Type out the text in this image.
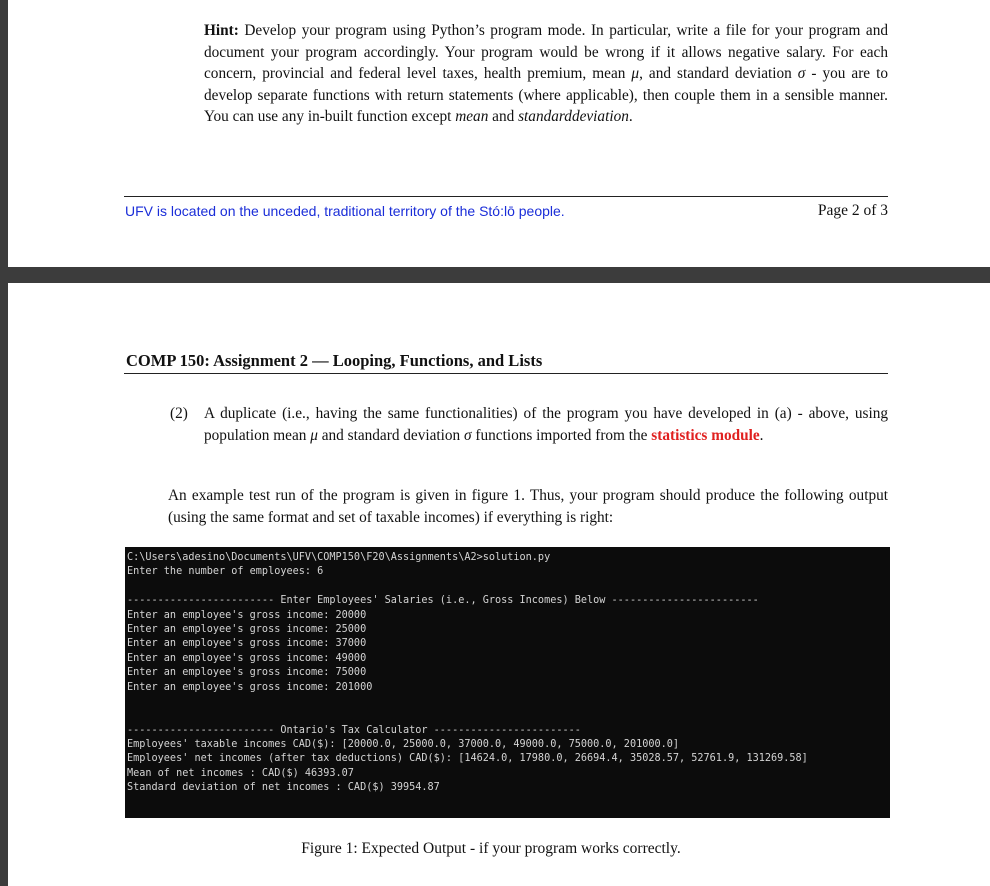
Hint: Develop your program using Python’s program mode. In particular, write a file for your program and document your program accordingly. Your program would be wrong if it allows negative salary. For each concern, provincial and federal level taxes, health premium, mean μ, and standard deviation σ - you are to develop separate functions with return statements (where applicable), then couple them in a sensible manner. You can use any in-built function except mean and standarddeviation.
UFV is located on the unceded, traditional territory of the Stó:lō people.	Page 2 of 3
COMP 150: Assignment 2 — Looping, Functions, and Lists
(2) A duplicate (i.e., having the same functionalities) of the program you have developed in (a) - above, using population mean μ and standard deviation σ functions imported from the statistics module.
An example test run of the program is given in figure 1. Thus, your program should produce the following output (using the same format and set of taxable incomes) if everything is right:
C:\Users\adesino\Documents\UFV\COMP150\F20\Assignments\A2>solution.py
Enter the number of employees: 6
------------------------ Enter Employees' Salaries (i.e., Gross Incomes) Below ------------------------
Enter an employee's gross income: 20000
Enter an employee's gross income: 25000
Enter an employee's gross income: 37000
Enter an employee's gross income: 49000
Enter an employee's gross income: 75000
Enter an employee's gross income: 201000
------------------------ Ontario's Tax Calculator ------------------------
Employees' taxable incomes CAD($): [20000.0, 25000.0, 37000.0, 49000.0, 75000.0, 201000.0]
Employees' net incomes (after tax deductions) CAD($): [14624.0, 17980.0, 26694.4, 35028.57, 52761.9, 131269.58]
Mean of net incomes : CAD($) 46393.07
Standard deviation of net incomes : CAD($) 39954.87
Figure 1: Expected Output - if your program works correctly.
